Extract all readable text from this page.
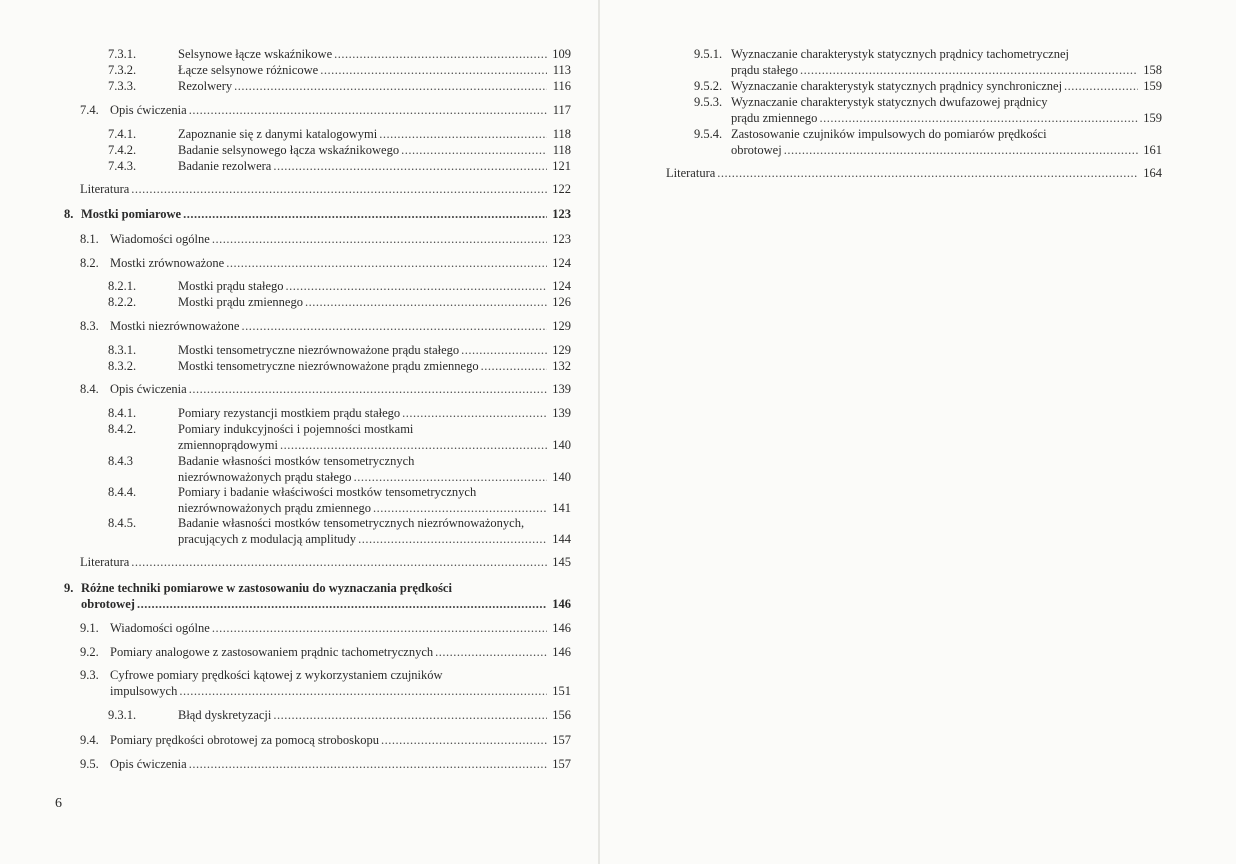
7.3.1.	Selsynowe łącze wskaźnikowe .....	109
7.3.2.	Łącze selsynowe różnicowe .....	113
7.3.3.	Rezolwery .....	116
7.4. Opis ćwiczenia .....	117
7.4.1.	Zapoznanie się z danymi katalogowymi .....	118
7.4.2.	Badanie selsynowego łącza wskaźnikowego .....	118
7.4.3.	Badanie rezolwera .....	121
Literatura .....	122
8. Mostki pomiarowe .....	123
8.1. Wiadomości ogólne .....	123
8.2. Mostki zrównoważone .....	124
8.2.1.	Mostki prądu stałego .....	124
8.2.2.	Mostki prądu zmiennego .....	126
8.3. Mostki niezrównoważone .....	129
8.3.1.	Mostki tensometryczne niezrównoważone prądu stałego .....	129
8.3.2.	Mostki tensometryczne niezrównoważone prądu zmiennego .....	132
8.4. Opis ćwiczenia .....	139
8.4.1.	Pomiary rezystancji mostkiem prądu stałego .....	139
8.4.2.	Pomiary indukcyjności i pojemności mostkami
zmiennoprądowymi .....	140
8.4.3	Badanie własności mostków tensometrycznych
niezrównoważonych prądu stałego .....	140
8.4.4.	Pomiary i badanie właściwości mostków tensometrycznych
niezrównoważonych prądu zmiennego .....	141
8.4.5.	Badanie własności mostków tensometrycznych niezrównoważonych,
pracujących z modulacją amplitudy .....	144
Literatura .....	145
9. Różne techniki pomiarowe w zastosowaniu do wyznaczania prędkości
obrotowej .....	146
9.1. Wiadomości ogólne .....	146
9.2. Pomiary analogowe z zastosowaniem prądnic tachometrycznych .....	146
9.3. Cyfrowe pomiary prędkości kątowej z wykorzystaniem czujników
impulsowych .....	151
9.3.1.	Błąd dyskretyzacji .....	156
9.4. Pomiary prędkości obrotowej za pomocą stroboskopu .....	157
9.5. Opis ćwiczenia .....	157
9.5.1. Wyznaczanie charakterystyk statycznych prądnicy tachometrycznej
prądu stałego .....	158
9.5.2. Wyznaczanie charakterystyk statycznych prądnicy synchronicznej .....	159
9.5.3. Wyznaczanie charakterystyk statycznych dwufazowej prądnicy
prądu zmiennego .....	159
9.5.4. Zastosowanie czujników impulsowych do pomiarów prędkości
obrotowej .....	161
Literatura .....	164
6
